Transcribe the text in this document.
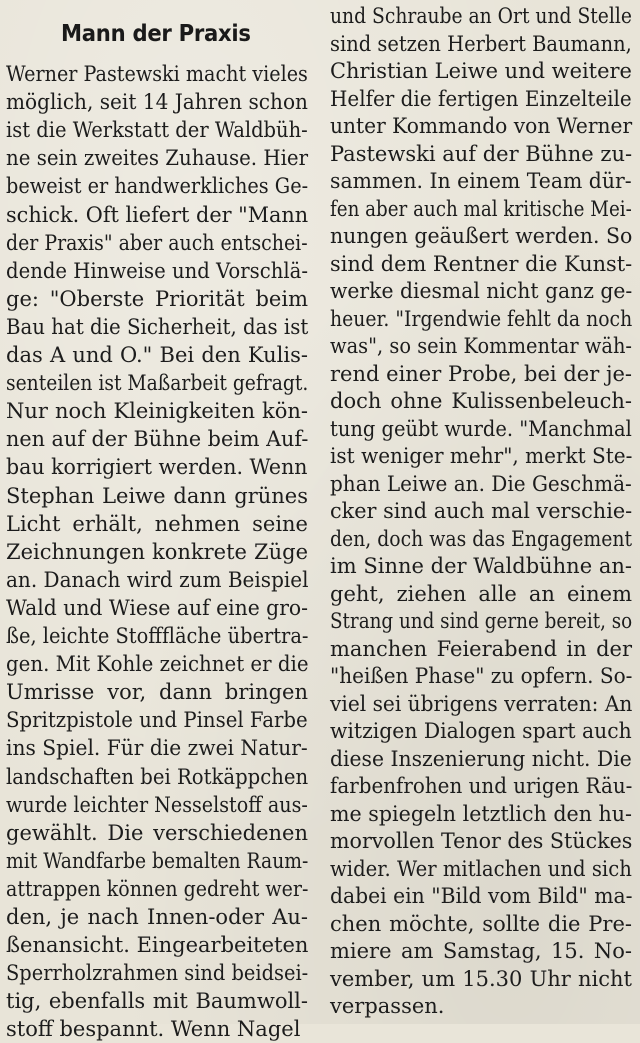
Mann der Praxis
Werner Pastewski macht vieles
möglich, seit 14 Jahren schon
ist die Werkstatt der Waldbüh-
ne sein zweites Zuhause. Hier
beweist er handwerkliches Ge-
schick. Oft liefert der "Mann
der Praxis" aber auch entschei-
dende Hinweise und Vorschlä-
ge: "Oberste Priorität beim
Bau hat die Sicherheit, das ist
das A und O." Bei den Kulis-
senteilen ist Maßarbeit gefragt.
Nur noch Kleinigkeiten kön-
nen auf der Bühne beim Auf-
bau korrigiert werden. Wenn
Stephan Leiwe dann grünes
Licht erhält, nehmen seine
Zeichnungen konkrete Züge
an. Danach wird zum Beispiel
Wald und Wiese auf eine gro-
ße, leichte Stofffläche übertra-
gen. Mit Kohle zeichnet er die
Umrisse vor, dann bringen
Spritzpistole und Pinsel Farbe
ins Spiel. Für die zwei Natur-
landschaften bei Rotkäppchen
wurde leichter Nesselstoff aus-
gewählt. Die verschiedenen
mit Wandfarbe bemalten Raum-
attrappen können gedreht wer-
den, je nach Innen-oder Au-
ßenansicht. Eingearbeiteten
Sperrholzrahmen sind beidsei-
tig, ebenfalls mit Baumwoll-
stoff bespannt. Wenn Nagel
und Schraube an Ort und Stelle
sind setzen Herbert Baumann,
Christian Leiwe und weitere
Helfer die fertigen Einzelteile
unter Kommando von Werner
Pastewski auf der Bühne zu-
sammen. In einem Team dür-
fen aber auch mal kritische Mei-
nungen geäußert werden. So
sind dem Rentner die Kunst-
werke diesmal nicht ganz ge-
heuer. "Irgendwie fehlt da noch
was", so sein Kommentar wäh-
rend einer Probe, bei der je-
doch ohne Kulissenbeleuch-
tung geübt wurde. "Manchmal
ist weniger mehr", merkt Ste-
phan Leiwe an. Die Geschmä-
cker sind auch mal verschie-
den, doch was das Engagement
im Sinne der Waldbühne an-
geht, ziehen alle an einem
Strang und sind gerne bereit, so
manchen Feierabend in der
"heißen Phase" zu opfern. So-
viel sei übrigens verraten: An
witzigen Dialogen spart auch
diese Inszenierung nicht. Die
farbenfrohen und urigen Räu-
me spiegeln letztlich den hu-
morvollen Tenor des Stückes
wider. Wer mitlachen und sich
dabei ein "Bild vom Bild" ma-
chen möchte, sollte die Pre-
miere am Samstag, 15. No-
vember, um 15.30 Uhr nicht
verpassen.
